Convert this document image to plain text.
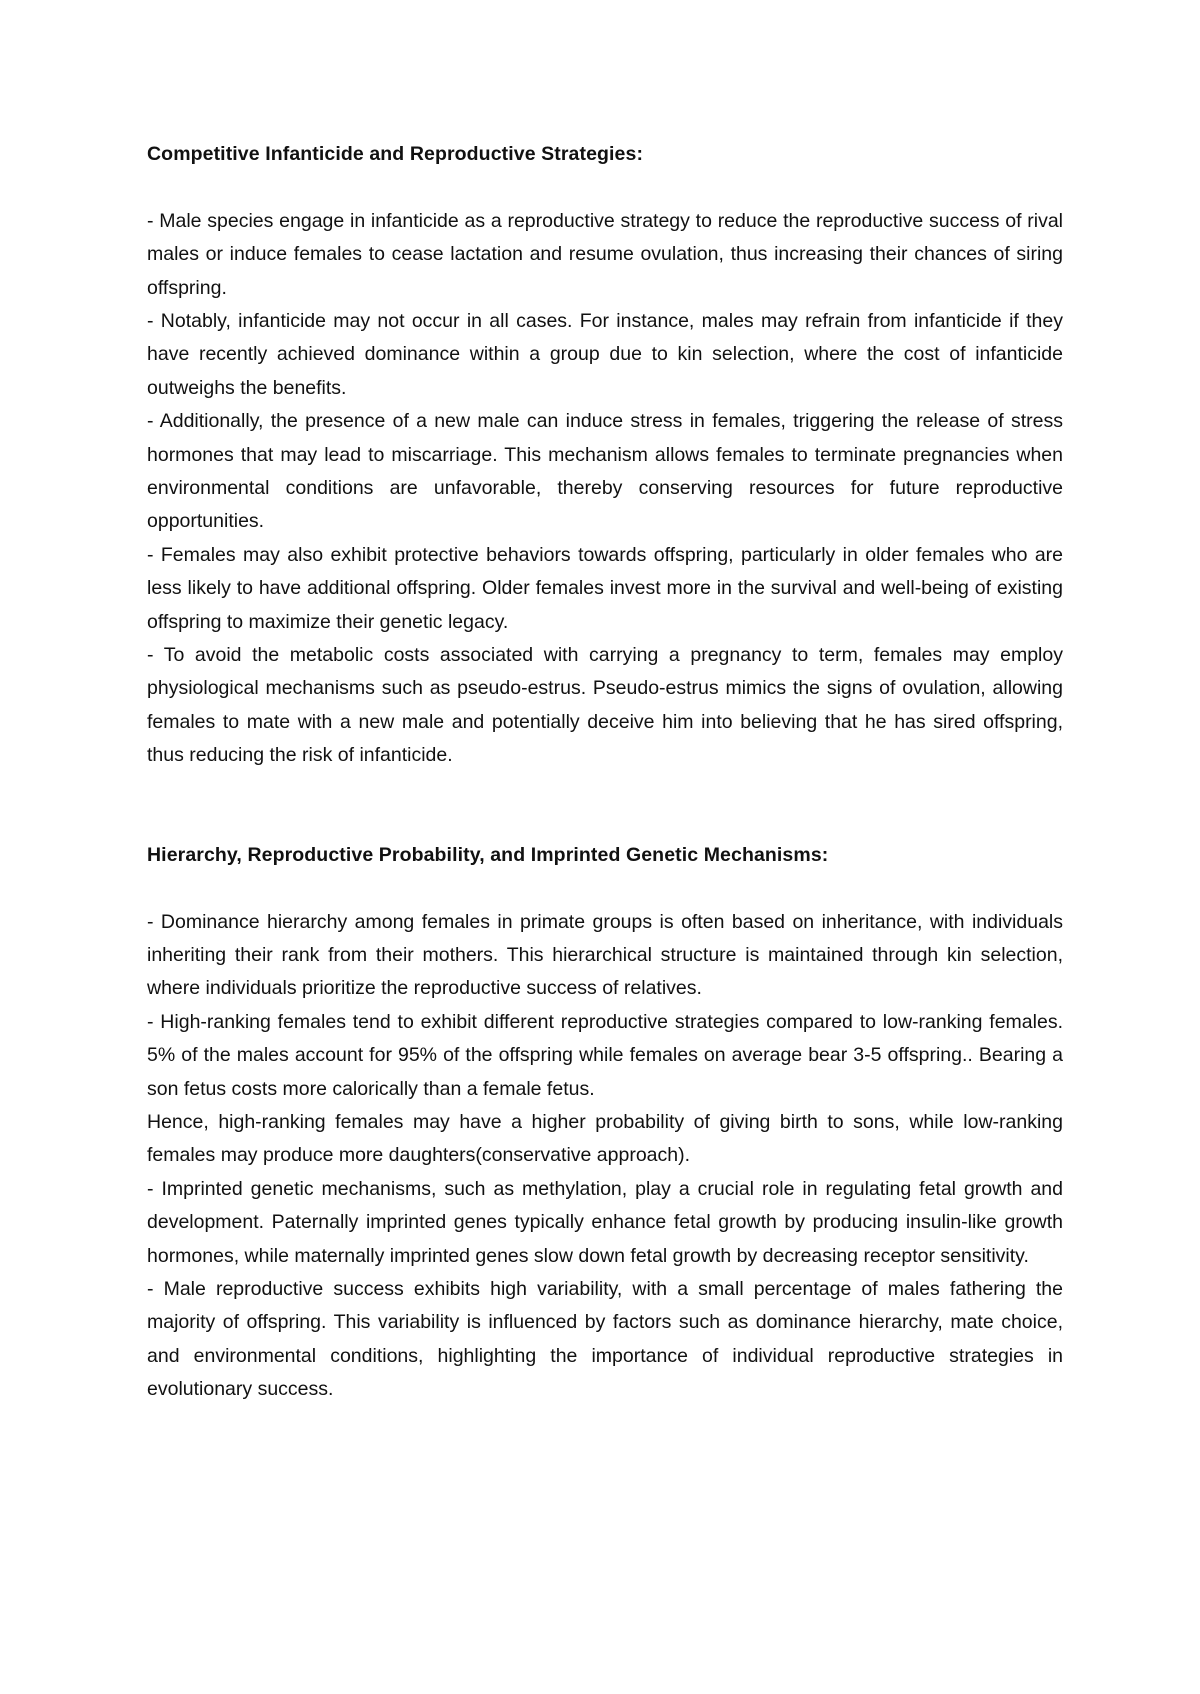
Competitive Infanticide and Reproductive Strategies:

- Male species engage in infanticide as a reproductive strategy to reduce the reproductive success of rival males or induce females to cease lactation and resume ovulation, thus increasing their chances of siring offspring.

- Notably, infanticide may not occur in all cases. For instance, males may refrain from infanticide if they have recently achieved dominance within a group due to kin selection, where the cost of infanticide outweighs the benefits.

- Additionally, the presence of a new male can induce stress in females, triggering the release of stress hormones that may lead to miscarriage. This mechanism allows females to terminate pregnancies when environmental conditions are unfavorable, thereby conserving resources for future reproductive opportunities.

- Females may also exhibit protective behaviors towards offspring, particularly in older females who are less likely to have additional offspring. Older females invest more in the survival and well-being of existing offspring to maximize their genetic legacy.

- To avoid the metabolic costs associated with carrying a pregnancy to term, females may employ physiological mechanisms such as pseudo-estrus. Pseudo-estrus mimics the signs of ovulation, allowing females to mate with a new male and potentially deceive him into believing that he has sired offspring, thus reducing the risk of infanticide.

Hierarchy, Reproductive Probability, and Imprinted Genetic Mechanisms:

- Dominance hierarchy among females in primate groups is often based on inheritance, with individuals inheriting their rank from their mothers. This hierarchical structure is maintained through kin selection, where individuals prioritize the reproductive success of relatives.

- High-ranking females tend to exhibit different reproductive strategies compared to low-ranking females. 5% of the males account for 95% of the offspring while females on average bear 3-5 offspring.. Bearing a son fetus costs more calorically than a female fetus.

Hence, high-ranking females may have a higher probability of giving birth to sons, while low-ranking females may produce more daughters(conservative approach).

- Imprinted genetic mechanisms, such as methylation, play a crucial role in regulating fetal growth and development. Paternally imprinted genes typically enhance fetal growth by producing insulin-like growth hormones, while maternally imprinted genes slow down fetal growth by decreasing receptor sensitivity.

- Male reproductive success exhibits high variability, with a small percentage of males fathering the majority of offspring. This variability is influenced by factors such as dominance hierarchy, mate choice, and environmental conditions, highlighting the importance of individual reproductive strategies in evolutionary success.
